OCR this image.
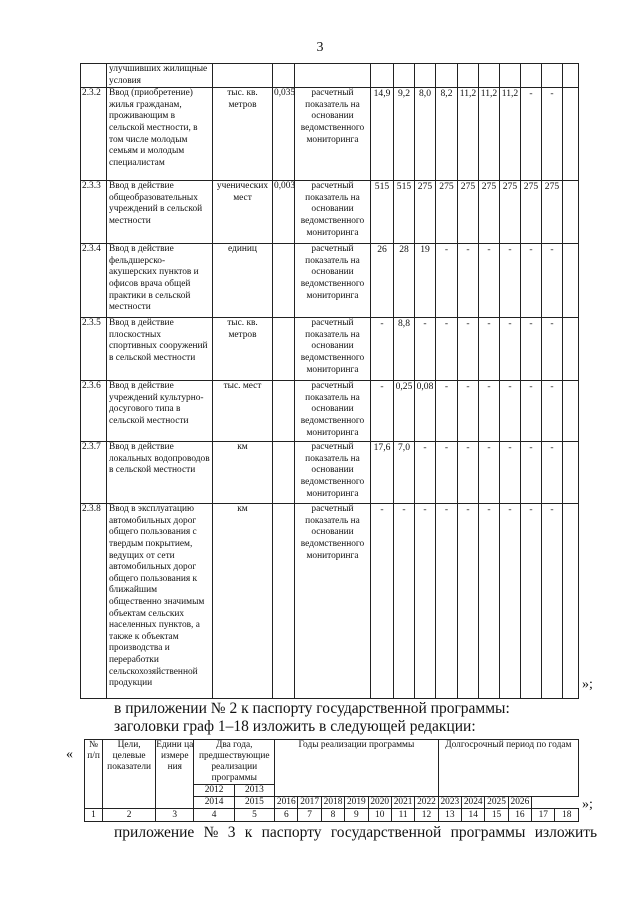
3
	улучшивших жилищные условия													
2.3.2	Ввод (приобретение) жилья гражданам, проживающим в сельской местности, в том числе молодым семьям и молодым специалистам	тыс. кв. метров	0,035	расчетный показатель на основании ведомственного мониторинга	14,9	9,2	8,0	8,2	11,2	11,2	11,2	-	-	
2.3.3	Ввод в действие общеобразовательных учреждений в сельской местности	ученических мест	0,003	расчетный показатель на основании ведомственного мониторинга	515	515	275	275	275	275	275	275	275	
2.3.4	Ввод в действие фельдшерско-акушерских пунктов и офисов врача общей практики в сельской местности	единиц		расчетный показатель на основании ведомственного мониторинга	26	28	19	-	-	-	-	-	-	
2.3.5	Ввод в действие плоскостных спортивных сооружений в сельской местности	тыс. кв. метров		расчетный показатель на основании ведомственного мониторинга	-	8,8	-	-	-	-	-	-	-	
2.3.6	Ввод в действие учреждений культурно-досугового типа в сельской местности	тыс. мест		расчетный показатель на основании ведомственного мониторинга	-	0,25	0,08	-	-	-	-	-	-	
2.3.7	Ввод в действие локальных водопроводов в сельской местности	км		расчетный показатель на основании ведомственного мониторинга	17,6	7,0	-	-	-	-	-	-	-	
2.3.8	Ввод в эксплуатацию автомобильных дорог общего пользования с твердым покрытием, ведущих от сети автомобильных дорог общего пользования к ближайшим общественно значимым объектам сельских населенных пунктов, а также к объектам производства и переработки сельскохозяйственной продукции	км		расчетный показатель на основании ведомственного мониторинга	-	-	-	-	-	-	-	-	-	
»;
в приложении № 2 к паспорту государственной программы:
заголовки граф 1–18 изложить в следующей редакции:
«
№ п/п	Цели, целевые показатели	Едини ца измере ния	Два года, предшествующие реализации программы		Годы реализации программы							Долгосрочный период по годам					
			2012	2013													
			2014	2015	2016	2017	2018	2019	2020	2021	2022	2023	2024	2025	2026		
1	2	3	4	5	6	7	8	9	10	11	12	13	14	15	16	17	18
»;
приложение № 3 к паспорту государственной программы изложить
